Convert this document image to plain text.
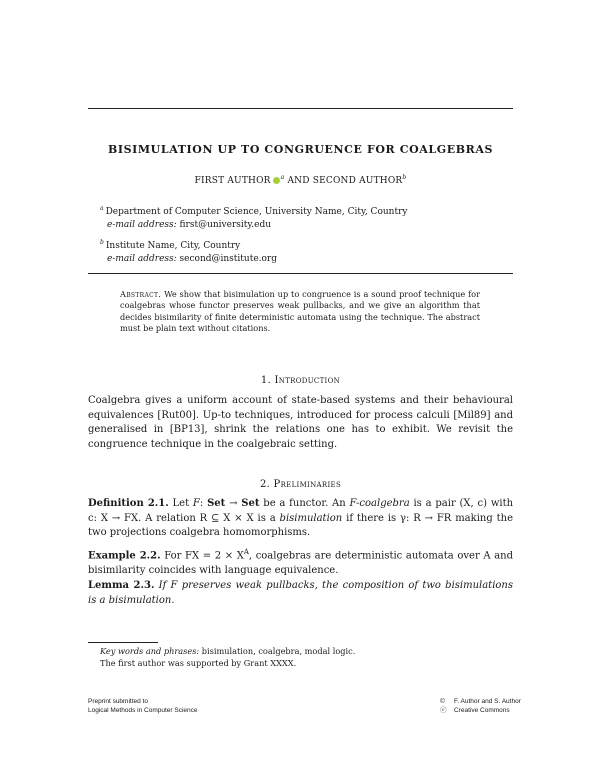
BISIMULATION UP TO CONGRUENCE FOR COALGEBRAS
FIRST AUTHOR $^a$ AND SECOND AUTHOR$^b$
$^a$ Department of Computer Science, University Name, City, Country
e-mail address: first@university.edu
$^b$ Institute Name, City, Country
e-mail address: second@institute.org
Abstract. We show that bisimulation up to congruence is a sound proof technique for coalgebras whose functor preserves weak pullbacks, and we give an algorithm that decides bisimilarity of finite deterministic automata using the technique. The abstract must be plain text without citations.
1. Introduction
Coalgebra gives a uniform account of state-based systems and their behavioural equivalences [Rut00]. Up-to techniques, introduced for process calculi [Mil89] and generalised in [BP13], shrink the relations one has to exhibit. We revisit the congruence technique in the coalgebraic setting.
2. Preliminaries
Definition 2.1. Let F: Set → Set be a functor. An F-coalgebra is a pair (X, c) with c: X → FX. A relation R ⊆ X × X is a bisimulation if there is γ: R → FR making the two projections coalgebra homomorphisms.
Example 2.2. For FX = $2 \times X^A$, coalgebras are deterministic automata over A and bisimilarity coincides with language equivalence.
Lemma 2.3. If F preserves weak pullbacks, the composition of two bisimulations is a bisimulation.
Key words and phrases: bisimulation, coalgebra, modal logic.
The first author was supported by Grant XXXX.
Preprint submitted to
Logical Methods in Computer Science
© F. Author and S. Author
ⓔ Creative Commons
